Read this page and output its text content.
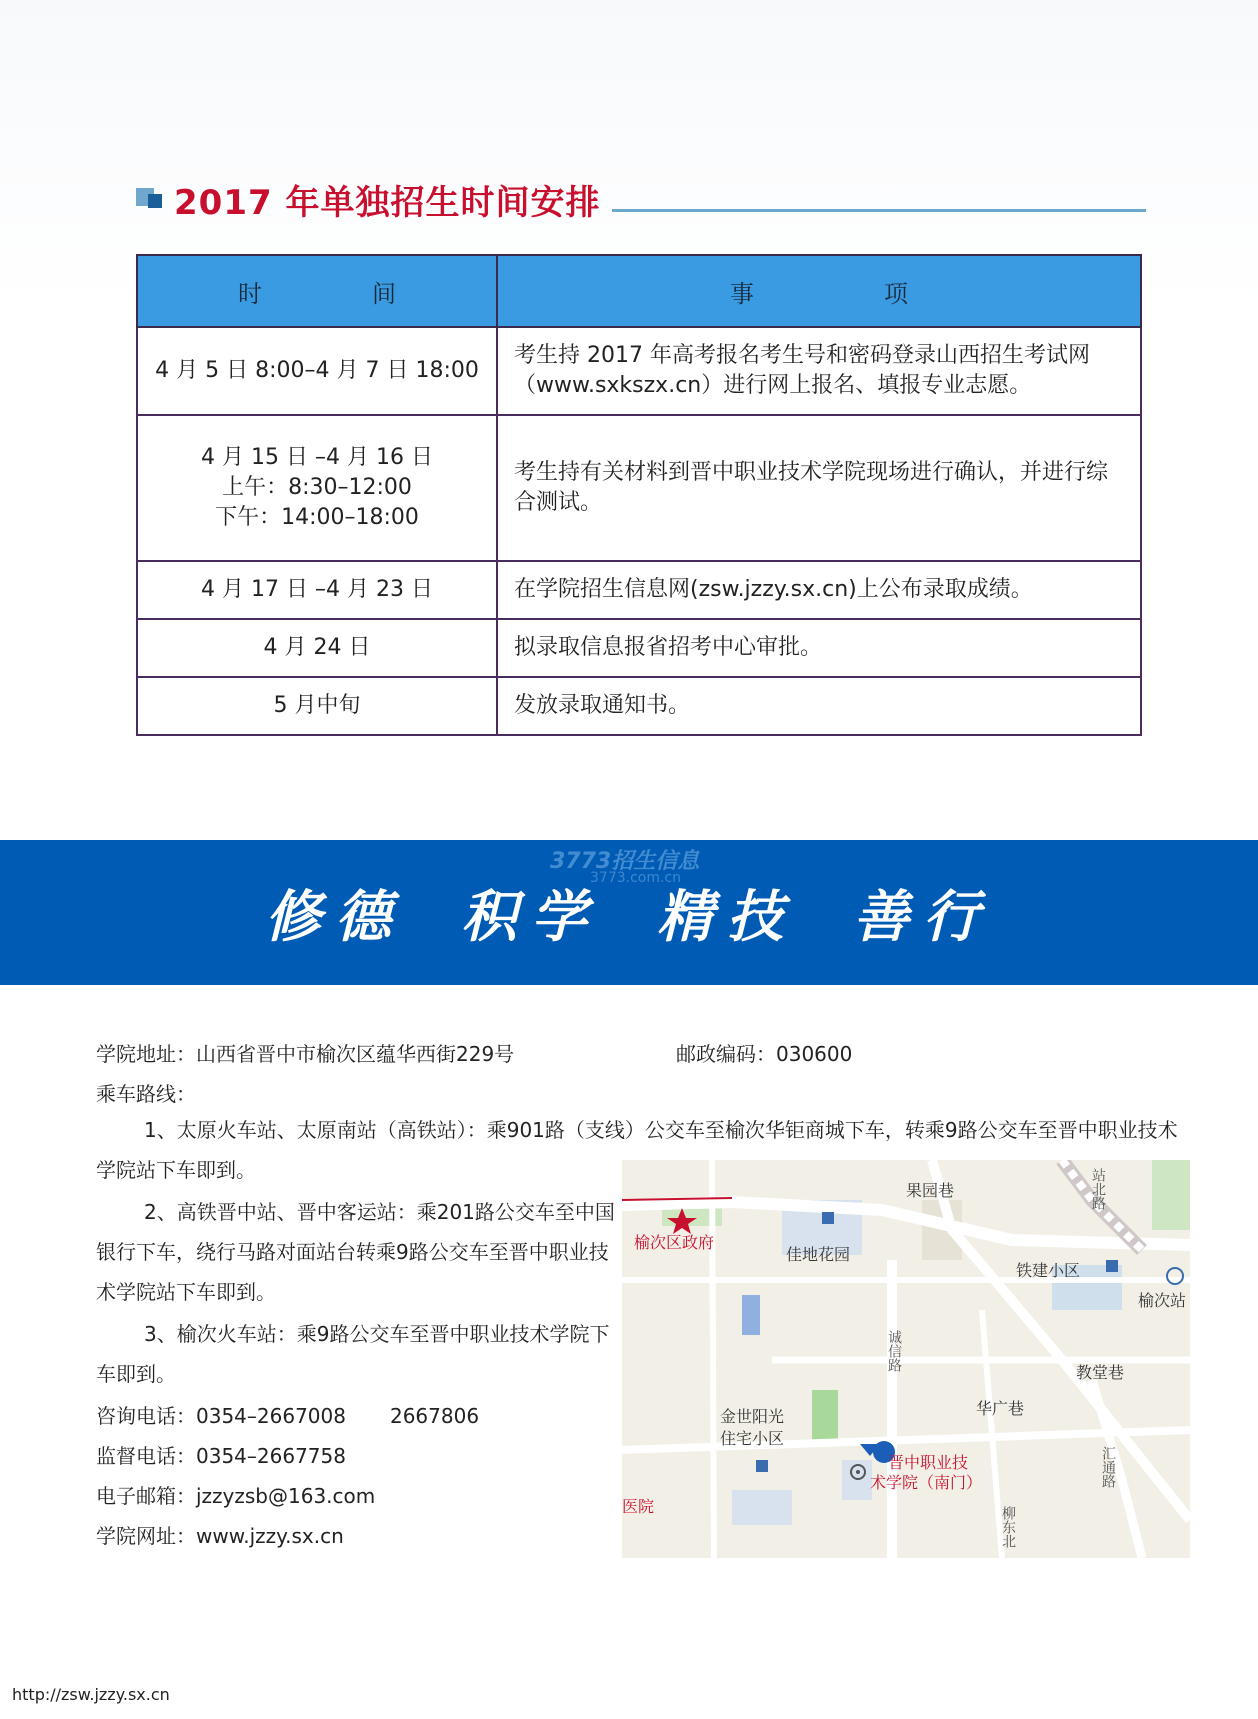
2017 年单独招生时间安排
时 间	事 项

4 月 5 日 8:00–4 月 7 日 18:00	考生持 2017 年高考报名考生号和密码登录山西招生考试网（www.sxkszx.cn）进行网上报名、填报专业志愿。
4 月 15 日 –4 月 16 日
上午：8:30–12:00
下午：14:00–18:00	考生持有关材料到晋中职业技术学院现场进行确认，并进行综合测试。
4 月 17 日 –4 月 23 日	在学院招生信息网(zsw.jzzy.sx.cn)上公布录取成绩。
4 月 24 日	拟录取信息报省招考中心审批。
5 月中旬	发放录取通知书。
3773招生信息
3773.com.cn
修德 积学 精技 善行
学院地址：山西省晋中市榆次区蕴华西街229号	邮政编码：030600
乘车路线：
1、太原火车站、太原南站（高铁站）：乘901路（支线）公交车至榆次华钜商城下车，转乘9路公交车至晋中职业技术学院站下车即到。
2、高铁晋中站、晋中客运站：乘201路公交车至中国银行下车，绕行马路对面站台转乘9路公交车至晋中职业技术学院站下车即到。
3、榆次火车站：乘9路公交车至晋中职业技术学院下车即到。
咨询电话：0354–2667008 2667806
监督电话：0354–2667758
电子邮箱：jzzyzsb@163.com
学院网址：www.jzzy.sx.cn
果园巷	站北路
榆次区政府
佳地花园
铁建小区
榆次站
诚信路
教堂巷
华广巷
金世阳光
住宅小区
汇通路
晋中职业技
术学院（南门）
医院	柳东北
http://zsw.jzzy.sx.cn
